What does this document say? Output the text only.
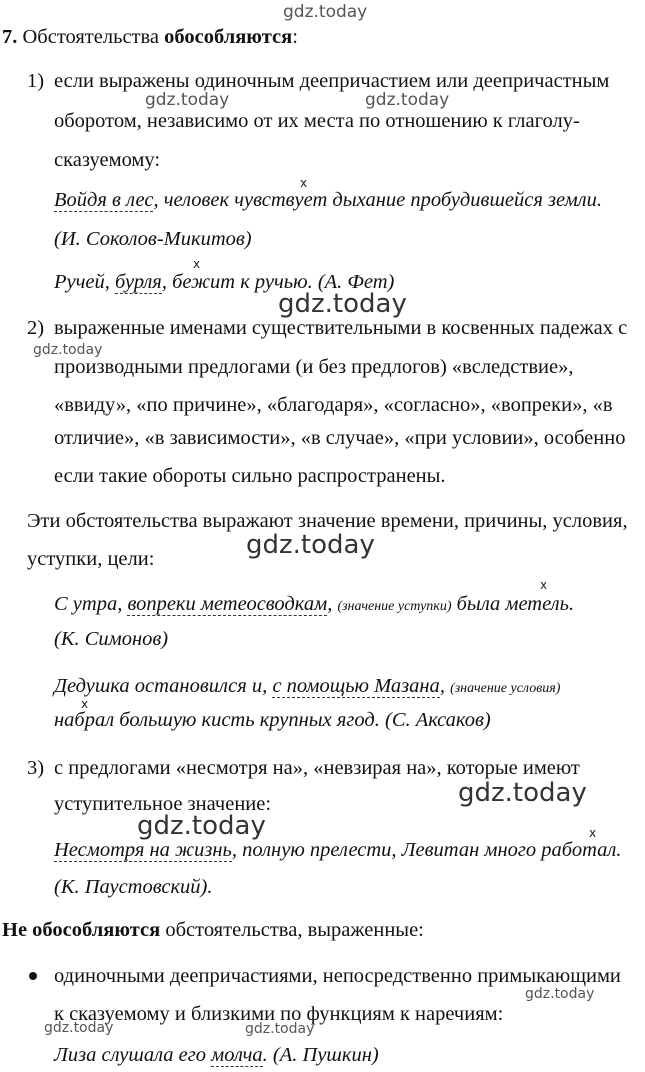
gdz.today
gdz.today	gdz.today
gdz.today
gdz.today
gdz.today
gdz.today
gdz.today
gdz.today
gdz.today	gdz.today
7. Обстоятельства обособляются:
1) если выражены одиночным деепричастием или деепричастным
оборотом, независимо от их места по отношению к глаголу-
сказуемому:
x
Войдя в лес, человек чувствует дыхание пробудившейся земли.
(И. Соколов-Микитов)
x
Ручей, бурля, бежит к ручью. (А. Фет)
2) выраженные именами существительными в косвенных падежах с
производными предлогами (и без предлогов) «вследствие»,
«ввиду», «по причине», «благодаря», «согласно», «вопреки», «в
отличие», «в зависимости», «в случае», «при условии», особенно
если такие обороты сильно распространены.
Эти обстоятельства выражают значение времени, причины, условия,
уступки, цели:
x
С утра, вопреки метеосводкам, (значение уступки) была метель.
(К. Симонов)
Дедушка остановился и, с помощью Мазана, (значение условия)
x
набрал большую кисть крупных ягод. (С. Аксаков)
3) с предлогами «несмотря на», «невзирая на», которые имеют
уступительное значение:
x
Несмотря на жизнь, полную прелести, Левитан много работал.
(К. Паустовский).
Не обособляются обстоятельства, выраженные:
одиночными деепричастиями, непосредственно примыкающими
к сказуемому и близкими по функциям к наречиям:
Лиза слушала его молча. (А. Пушкин)
